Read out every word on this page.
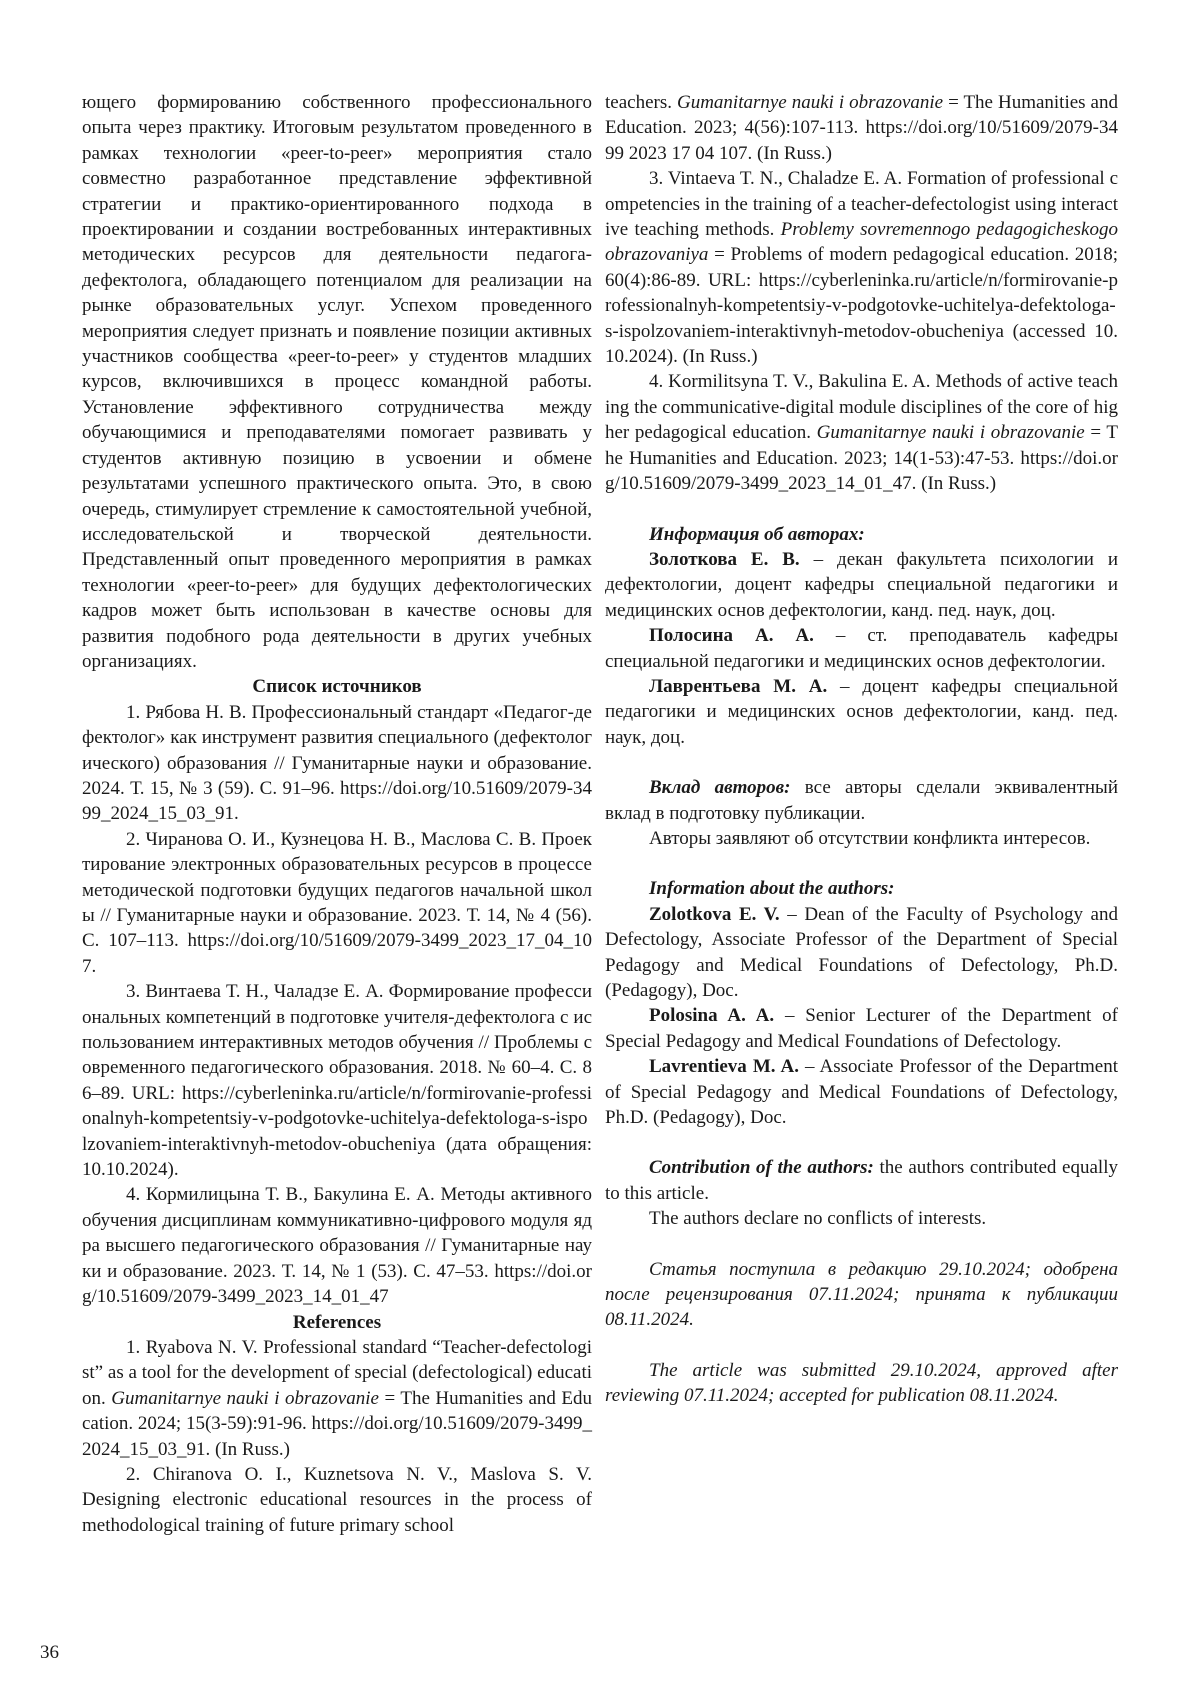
ющего формированию собственного профессионального опыта через практику. Итоговым результатом проведенного в рамках технологии «peer-to-peer» мероприятия стало совместно разработанное представление эффективной стратегии и практико-ориентированного подхода в проектировании и создании востребованных интерактивных методических ресурсов для деятельности педагога-дефектолога, обладающего потенциалом для реализации на рынке образовательных услуг. Успехом проведенного мероприятия следует признать и появление позиции активных участников сообщества «peer-to-peer» у студентов младших курсов, включившихся в процесс командной работы. Установление эффективного сотрудничества между обучающимися и преподавателями помогает развивать у студентов активную позицию в усвоении и обмене результатами успешного практического опыта. Это, в свою очередь, стимулирует стремление к самостоятельной учебной, исследовательской и творческой деятельности. Представленный опыт проведенного мероприятия в рамках технологии «peer-to-peer» для будущих дефектологических кадров может быть использован в качестве основы для развития подобного рода деятельности в других учебных организациях.

Список источников

1. Рябова Н. В. Профессиональный стандарт «Педагог-дефектолог» как инструмент развития специального (дефектологического) образования // Гуманитарные науки и образование. 2024. Т. 15, № 3 (59). С. 91–96. https://doi.org/10.51609/2079-3499_2024_15_03_91.

2. Чиранова О. И., Кузнецова Н. В., Маслова С. В. Проектирование электронных образовательных ресурсов в процессе методической подготовки будущих педагогов начальной школы // Гуманитарные науки и образование. 2023. Т. 14, № 4 (56). С. 107–113. https://doi.org/10/51609/2079-3499_2023_17_04_107.

3. Винтаева Т. Н., Чаладзе Е. А. Формирование профессиональных компетенций в подготовке учителя-дефектолога с использованием интерактивных методов обучения // Проблемы современного педагогического образования. 2018. № 60–4. С. 86–89. URL: https://cyberleninka.ru/article/n/formirovanie-professionalnyh-kompetentsiy-v-podgotovke-uchitelya-defektologa-s-ispolzovaniem-interaktivnyh-metodov-obucheniya (дата обращения: 10.10.2024).

4. Кормилицына Т. В., Бакулина Е. А. Методы активного обучения дисциплинам коммуникативно-цифрового модуля ядра высшего педагогического образования // Гуманитарные науки и образование. 2023. Т. 14, № 1 (53). С. 47–53. https://doi.org/10.51609/2079-3499_2023_14_01_47

References

1. Ryabova N. V. Professional standard “Teacher-defectologist” as a tool for the development of special (defectological) education. Gumanitarnye nauki i obrazovanie = The Humanities and Education. 2024; 15(3-59):91-96. https://doi.org/10.51609/2079-3499_2024_15_03_91. (In Russ.)

2. Chiranova O. I., Kuznetsova N. V., Maslova S. V. Designing electronic educational resources in the process of methodological training of future primary school

teachers. Gumanitarnye nauki i obrazovanie = The Humanities and Education. 2023; 4(56):107-113. https://doi.org/10/51609/2079-3499 2023 17 04 107. (In Russ.)

3. Vintaeva T. N., Chaladze E. A. Formation of professional competencies in the training of a teacher-defectologist using interactive teaching methods. Problemy sovremennogo pedagogicheskogo obrazovaniya = Problems of modern pedagogical education. 2018; 60(4):86-89. URL: https://cyberleninka.ru/article/n/formirovanie-professionalnyh-kompetentsiy-v-podgotovke-uchitelya-defektologa-s-ispolzovaniem-interaktivnyh-metodov-obucheniya (accessed 10.10.2024). (In Russ.)

4. Kormilitsyna T. V., Bakulina E. A. Methods of active teaching the communicative-digital module disciplines of the core of higher pedagogical education. Gumanitarnye nauki i obrazovanie = The Humanities and Education. 2023; 14(1-53):47-53. https://doi.org/10.51609/2079-3499_2023_14_01_47. (In Russ.)

Информация об авторах:

Золоткова Е. В. – декан факультета психологии и дефектологии, доцент кафедры специальной педагогики и медицинских основ дефектологии, канд. пед. наук, доц.

Полосина А. А. – ст. преподаватель кафедры специальной педагогики и медицинских основ дефектологии.

Лаврентьева М. А. – доцент кафедры специальной педагогики и медицинских основ дефектологии, канд. пед. наук, доц.

Вклад авторов: все авторы сделали эквивалентный вклад в подготовку публикации.

Авторы заявляют об отсутствии конфликта интересов.

Information about the authors:

Zolotkova E. V. – Dean of the Faculty of Psychology and Defectology, Associate Professor of the Department of Special Pedagogy and Medical Foundations of Defectology, Ph.D. (Pedagogy), Doc.

Polosina A. A. – Senior Lecturer of the Department of Special Pedagogy and Medical Foundations of Defectology.

Lavrentieva M. A. – Associate Professor of the Department of Special Pedagogy and Medical Foundations of Defectology, Ph.D. (Pedagogy), Doc.

Contribution of the authors: the authors contributed equally to this article.

The authors declare no conflicts of interests.

Статья поступила в редакцию 29.10.2024; одобрена после рецензирования 07.11.2024; принята к публикации 08.11.2024.

The article was submitted 29.10.2024, approved after reviewing 07.11.2024; accepted for publication 08.11.2024.

36
